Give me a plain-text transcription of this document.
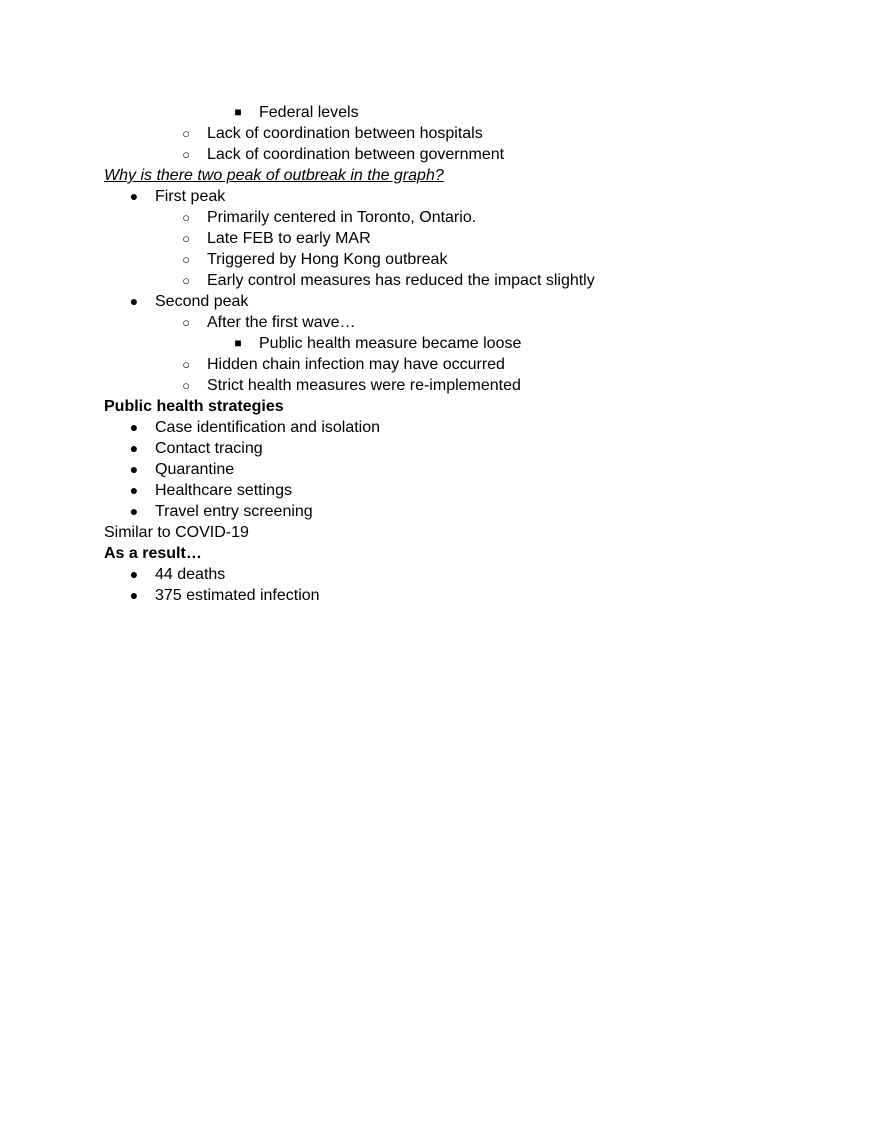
■ Federal levels
○ Lack of coordination between hospitals
○ Lack of coordination between government
Why is there two peak of outbreak in the graph?
● First peak
○ Primarily centered in Toronto, Ontario.
○ Late FEB to early MAR
○ Triggered by Hong Kong outbreak
○ Early control measures has reduced the impact slightly
● Second peak
○ After the first wave…
■ Public health measure became loose
○ Hidden chain infection may have occurred
○ Strict health measures were re-implemented
Public health strategies
● Case identification and isolation
● Contact tracing
● Quarantine
● Healthcare settings
● Travel entry screening
Similar to COVID-19
As a result…
● 44 deaths
● 375 estimated infection
